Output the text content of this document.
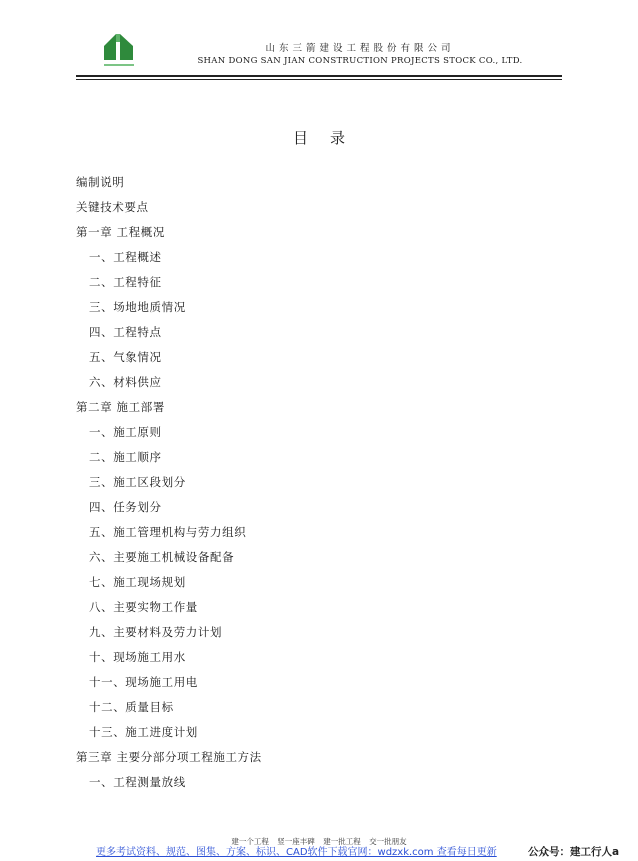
山东三箭建设工程股份有限公司
SHAN DONG SAN JIAN CONSTRUCTION PROJECTS STOCK CO., LTD.
目录
编制说明
关键技术要点
第一章 工程概况
一、工程概述
二、工程特征
三、场地地质情况
四、工程特点
五、气象情况
六、材料供应
第二章 施工部署
一、施工原则
二、施工顺序
三、施工区段划分
四、任务划分
五、施工管理机构与劳力组织
六、主要施工机械设备配备
七、施工现场规划
八、主要实物工作量
九、主要材料及劳力计划
十、现场施工用水
十一、现场施工用电
十二、质量目标
十三、施工进度计划
第三章 主要分部分项工程施工方法
一、工程测量放线
建一个工程 竖一座丰碑 建一批工程 交一批朋友
更多考试资料、规范、图集、方案、标识、CAD软件下载官网：wdzxk.com 查看每日更新	公众号：建工行人a
